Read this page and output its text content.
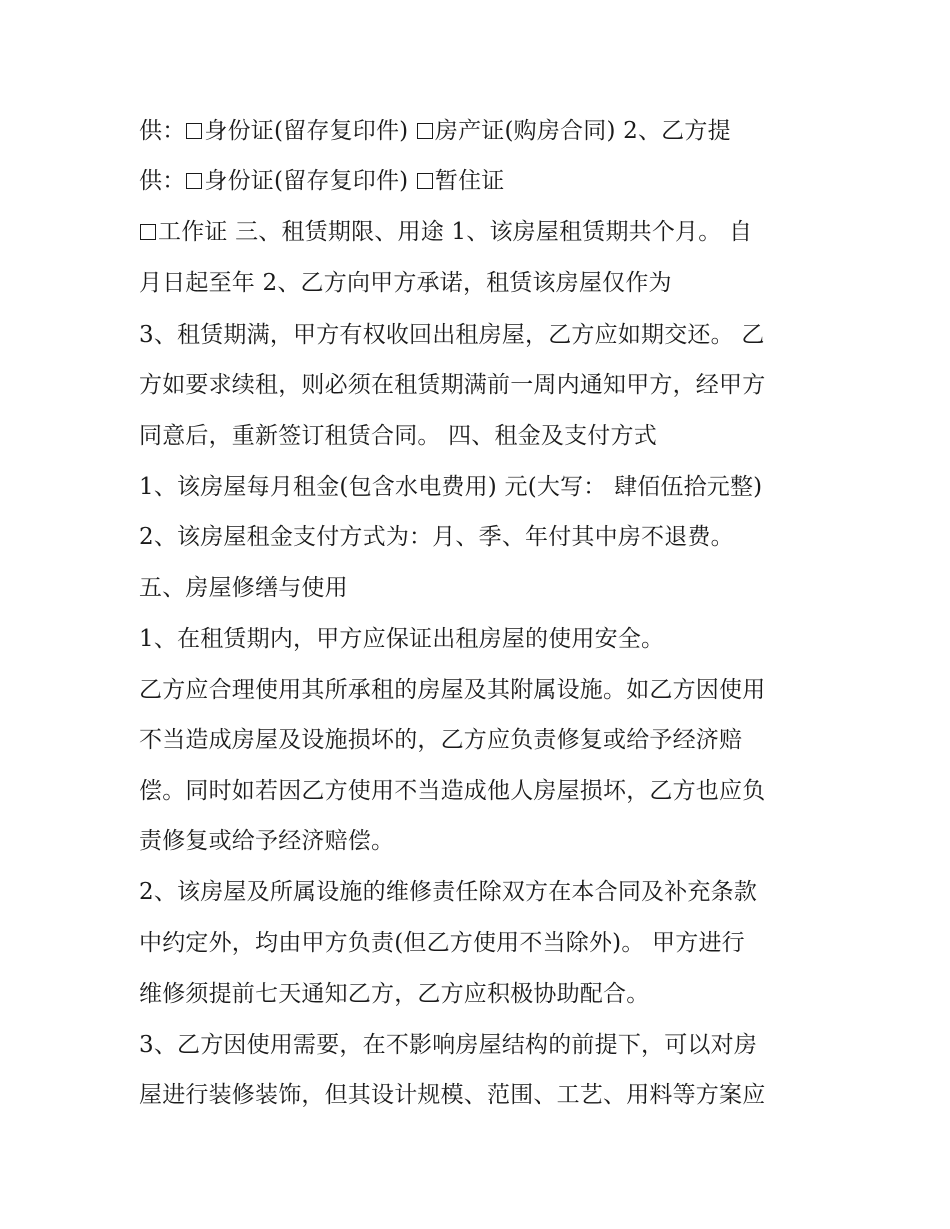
供： 身份证(留存复印件) 房产证(购房合同) 2、乙方提
供： 身份证(留存复印件) 暂住证
工作证 三、租赁期限、用途 1、该房屋租赁期共个月。 自
月日起至年 2、乙方向甲方承诺，租赁该房屋仅作为
3、租赁期满，甲方有权收回出租房屋，乙方应如期交还。 乙
方如要求续租，则必须在租赁期满前一周内通知甲方，经甲方
同意后，重新签订租赁合同。 四、租金及支付方式
1、该房屋每月租金(包含水电费用) 元(大写： 肆佰伍拾元整)
2、该房屋租金支付方式为：月、季、年付其中房不退费。
五、房屋修缮与使用
1、在租赁期内，甲方应保证出租房屋的使用安全。
乙方应合理使用其所承租的房屋及其附属设施。如乙方因使用
不当造成房屋及设施损坏的，乙方应负责修复或给予经济赔
偿。同时如若因乙方使用不当造成他人房屋损坏，乙方也应负
责修复或给予经济赔偿。
2、该房屋及所属设施的维修责任除双方在本合同及补充条款
中约定外，均由甲方负责(但乙方使用不当除外)。 甲方进行
维修须提前七天通知乙方，乙方应积极协助配合。
3、乙方因使用需要，在不影响房屋结构的前提下，可以对房
屋进行装修装饰，但其设计规模、范围、工艺、用料等方案应
